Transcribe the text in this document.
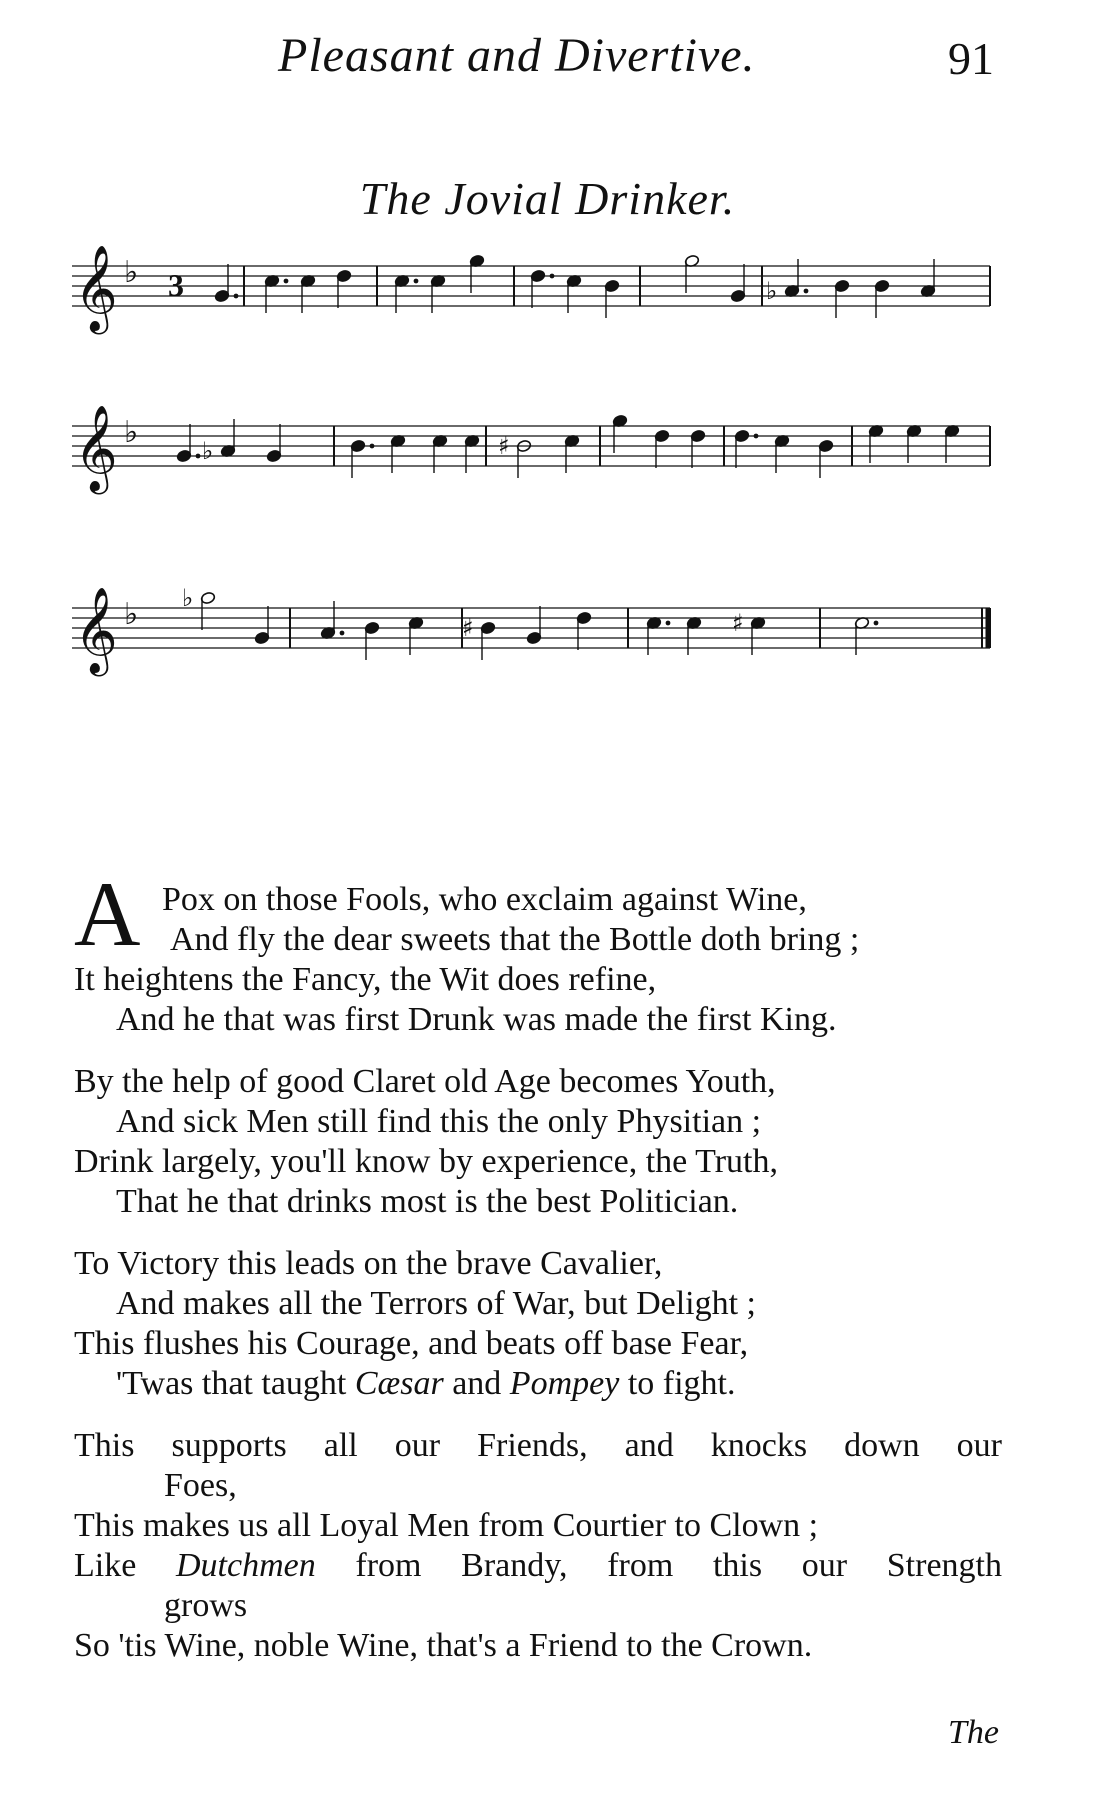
Pleasant and Divertive.	91
The Jovial Drinker.
3
𝄞 ♭
♭
𝄞 ♭
♭	♯
𝄞 ♭ ♭
♯	♯
A Pox on those Fools, who exclaim against Wine,
And fly the dear sweets that the Bottle doth bring ;
It heightens the Fancy, the Wit does refine,
And he that was first Drunk was made the first King.
By the help of good Claret old Age becomes Youth,
And sick Men still find this the only Physitian ;
Drink largely, you'll know by experience, the Truth,
That he that drinks most is the best Politician.
To Victory this leads on the brave Cavalier,
And makes all the Terrors of War, but Delight ;
This flushes his Courage, and beats off base Fear,
'Twas that taught Cæsar and Pompey to fight.
This supports all our Friends, and knocks down our
Foes,
This makes us all Loyal Men from Courtier to Clown ;
Like Dutchmen from Brandy, from this our Strength
grows
So 'tis Wine, noble Wine, that's a Friend to the Crown.
The
